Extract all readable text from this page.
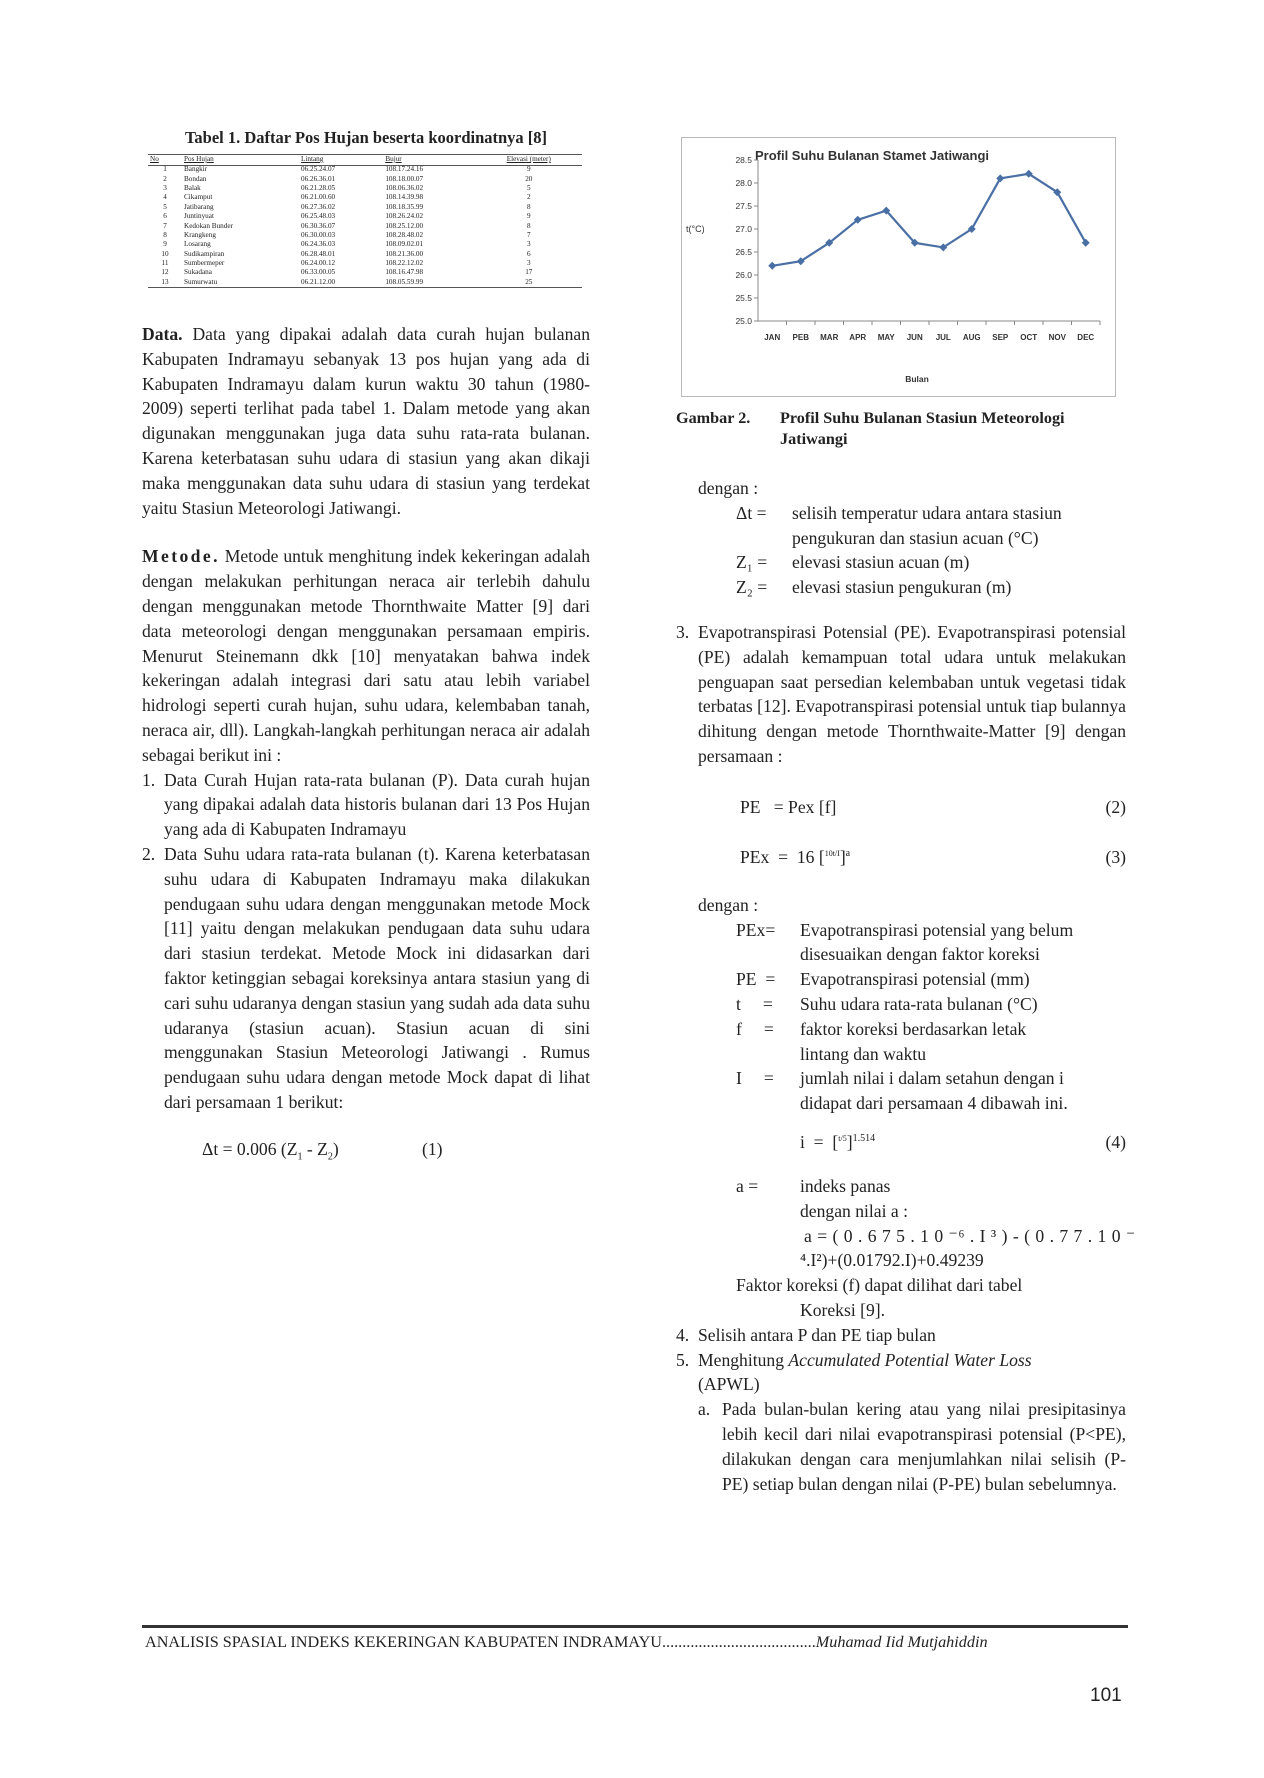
Tabel 1. Daftar Pos Hujan beserta koordinatnya [8]
No	Pos Hujan	Lintang	Bujur	Elevasi (meter)
1	Bangkir	06.25.24.07	108.17.24.16	9
2	Bondan	06.26.36.01	108.18.00.07	20
3	Balak	06.21.28.05	108.06.36.02	5
4	Cikamput	06.21.00.60	108.14.39.98	2
5	Jatibarang	06.27.36.02	108.18.35.99	8
6	Juntinyuat	06.25.48.03	108.26.24.02	9
7	Kedokan Bunder	06.30.36.07	108.25.12.00	8
8	Krangkeng	06.30.00.03	108.28.48.02	7
9	Losarang	06.24.36.03	108.09.02.01	3
10	Sudikampiran	06.28.48.01	108.21.36.00	6
11	Sumbermeper	06.24.00.12	108.22.12.02	3
12	Sukadana	06.33.00.05	108.16.47.98	17
13	Sumurwatu	06.21.12.00	108.05.59.99	25

Data. Data yang dipakai adalah data curah hujan bulanan Kabupaten Indramayu sebanyak 13 pos hujan yang ada di Kabupaten Indramayu dalam kurun waktu 30 tahun (1980-2009) seperti terlihat pada tabel 1. Dalam metode yang akan digunakan menggunakan juga data suhu rata-rata bulanan. Karena keterbatasan suhu udara di stasiun yang akan dikaji maka menggunakan data suhu udara di stasiun yang terdekat yaitu Stasiun Meteorologi Jatiwangi.

Metode. Metode untuk menghitung indek kekeringan adalah dengan melakukan perhitungan neraca air terlebih dahulu dengan menggunakan metode Thornthwaite Matter [9] dari data meteorologi dengan menggunakan persamaan empiris. Menurut Steinemann dkk [10] menyatakan bahwa indek kekeringan adalah integrasi dari satu atau lebih variabel hidrologi seperti curah hujan, suhu udara, kelembaban tanah, neraca air, dll). Langkah-langkah perhitungan neraca air adalah sebagai berikut ini :

1. Data Curah Hujan rata-rata bulanan (P). Data curah hujan yang dipakai adalah data historis bulanan dari 13 Pos Hujan yang ada di Kabupaten Indramayu
2. Data Suhu udara rata-rata bulanan (t). Karena keterbatasan suhu udara di Kabupaten Indramayu maka dilakukan pendugaan suhu udara dengan menggunakan metode Mock [11] yaitu dengan melakukan pendugaan data suhu udara dari stasiun terdekat. Metode Mock ini didasarkan dari faktor ketinggian sebagai koreksinya antara stasiun yang di cari suhu udaranya dengan stasiun yang sudah ada data suhu udaranya (stasiun acuan). Stasiun acuan di sini menggunakan Stasiun Meteorologi Jatiwangi . Rumus pendugaan suhu udara dengan metode Mock dapat di lihat dari persamaan 1 berikut:
Δt = 0.006 $(Z_1 - Z_2)$	(1)
Profil Suhu Bulanan Stamet Jatiwangi
t(°C)
Bulan
25.0
25.5
26.0
26.5
27.0
27.5
28.0
28.5
JAN PEB MAR APR MAY JUN JUL AUG SEP OCT NOV DEC
Gambar 2. Profil Suhu Bulanan Stasiun Meteorologi
Jatiwangi
dengan :
Δt = selisih temperatur udara antara stasiun
pengukuran dan stasiun acuan (°C)
Z₁ = elevasi stasiun acuan (m)
Z₂ = elevasi stasiun pengukuran (m)
3. Evapotranspirasi Potensial (PE). Evapotranspirasi potensial (PE) adalah kemampuan total udara untuk melakukan penguapan saat persedian kelembaban untuk vegetasi tidak terbatas [12]. Evapotranspirasi potensial untuk tiap bulannya dihitung dengan metode Thornthwaite-Matter [9] dengan persamaan :
PE   = Pex [f]	(2)
PEx  =  16 $[^{10t/I}]^a$	(3)
dengan :
PEx= Evapotranspirasi potensial yang belum
disesuaikan dengan faktor koreksi
PE  = Evapotranspirasi potensial (mm)
t     = Suhu udara rata-rata bulanan (°C)
f     = faktor koreksi berdasarkan letak
lintang dan waktu
I     = jumlah nilai i dalam setahun dengan i
didapat dari persamaan 4 dibawah ini.
$i = [^{t/5}]^{1.514}$	(4)
a = indeks panas
dengan nilai a :
a = ( 0 . 6 7 5 . 1 0 ⁻⁶ . I ³ ) - ( 0 . 7 7 . 1 0 ⁻
⁴.I²)+(0.01792.I)+0.49239
Faktor koreksi (f) dapat dilihat dari tabel
Koreksi [9].
4. Selisih antara P dan PE tiap bulan
5. Menghitung Accumulated Potential Water Loss
(APWL)
a. Pada bulan-bulan kering atau yang nilai presipitasinya lebih kecil dari nilai evapotranspirasi potensial (P<PE), dilakukan dengan cara menjumlahkan nilai selisih (P-PE) setiap bulan dengan nilai (P-PE) bulan sebelumnya.
ANALISIS SPASIAL INDEKS KEKERINGAN KABUPATEN INDRAMAYU......................................Muhamad Iid Mutjahiddin
101
